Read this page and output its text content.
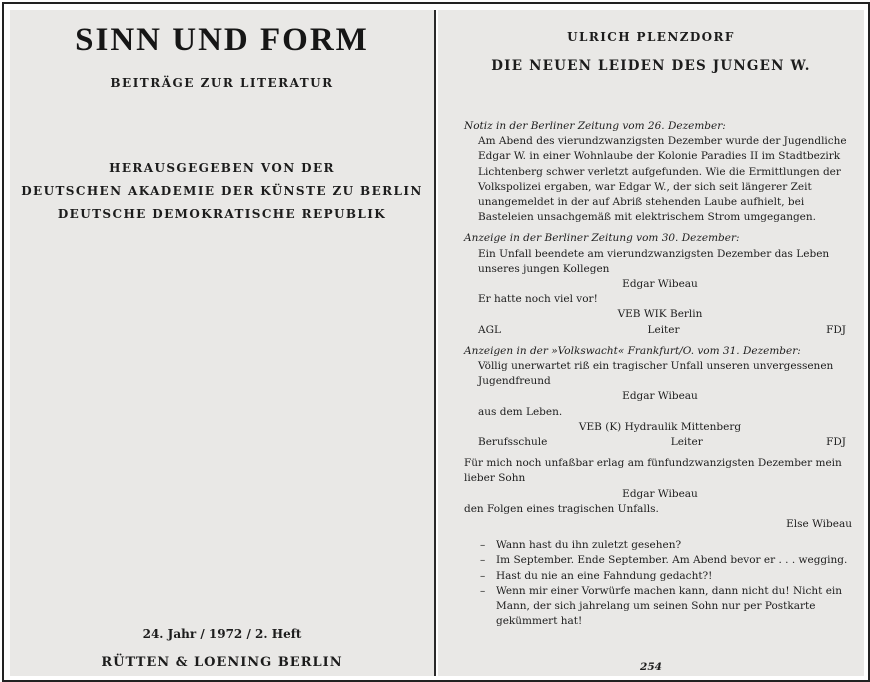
SINN UND FORM
BEITRÄGE ZUR LITERATUR
HERAUSGEGEBEN VON DER
DEUTSCHEN AKADEMIE DER KÜNSTE ZU BERLIN
DEUTSCHE DEMOKRATISCHE REPUBLIK
24. Jahr / 1972 / 2. Heft
RÜTTEN & LOENING BERLIN
ULRICH PLENZDORF
DIE NEUEN LEIDEN DES JUNGEN W.
Notiz in der Berliner Zeitung vom 26. Dezember:
Am Abend des vierundzwanzigsten Dezember wurde der Jugendliche Edgar W. in einer Wohnlaube der Kolonie Paradies II im Stadtbezirk Lichtenberg schwer verletzt aufgefunden. Wie die Ermittlungen der Volkspolizei ergaben, war Edgar W., der sich seit längerer Zeit unangemeldet in der auf Abriß stehenden Laube aufhielt, bei Basteleien unsachgemäß mit elektrischem Strom umgegangen.
Anzeige in der Berliner Zeitung vom 30. Dezember:
Ein Unfall beendete am vierundzwanzigsten Dezember das Leben unseres jungen Kollegen
Edgar Wibeau
Er hatte noch viel vor!
VEB WIK Berlin
AGL	Leiter	FDJ
Anzeigen in der »Volkswacht« Frankfurt/O. vom 31. Dezember:
Völlig unerwartet riß ein tragischer Unfall unseren unvergessenen Jugendfreund
Edgar Wibeau
aus dem Leben.
VEB (K) Hydraulik Mittenberg
Berufsschule	Leiter	FDJ
Für mich noch unfaßbar erlag am fünfundzwanzigsten Dezember mein lieber Sohn
Edgar Wibeau
den Folgen eines tragischen Unfalls.
Else Wibeau
–	Wann hast du ihn zuletzt gesehen?
–	Im September. Ende September. Am Abend bevor er . . . wegging.
–	Hast du nie an eine Fahndung gedacht?!
–	Wenn mir einer Vorwürfe machen kann, dann nicht du! Nicht ein Mann, der sich jahrelang um seinen Sohn nur per Postkarte gekümmert hat!
254
